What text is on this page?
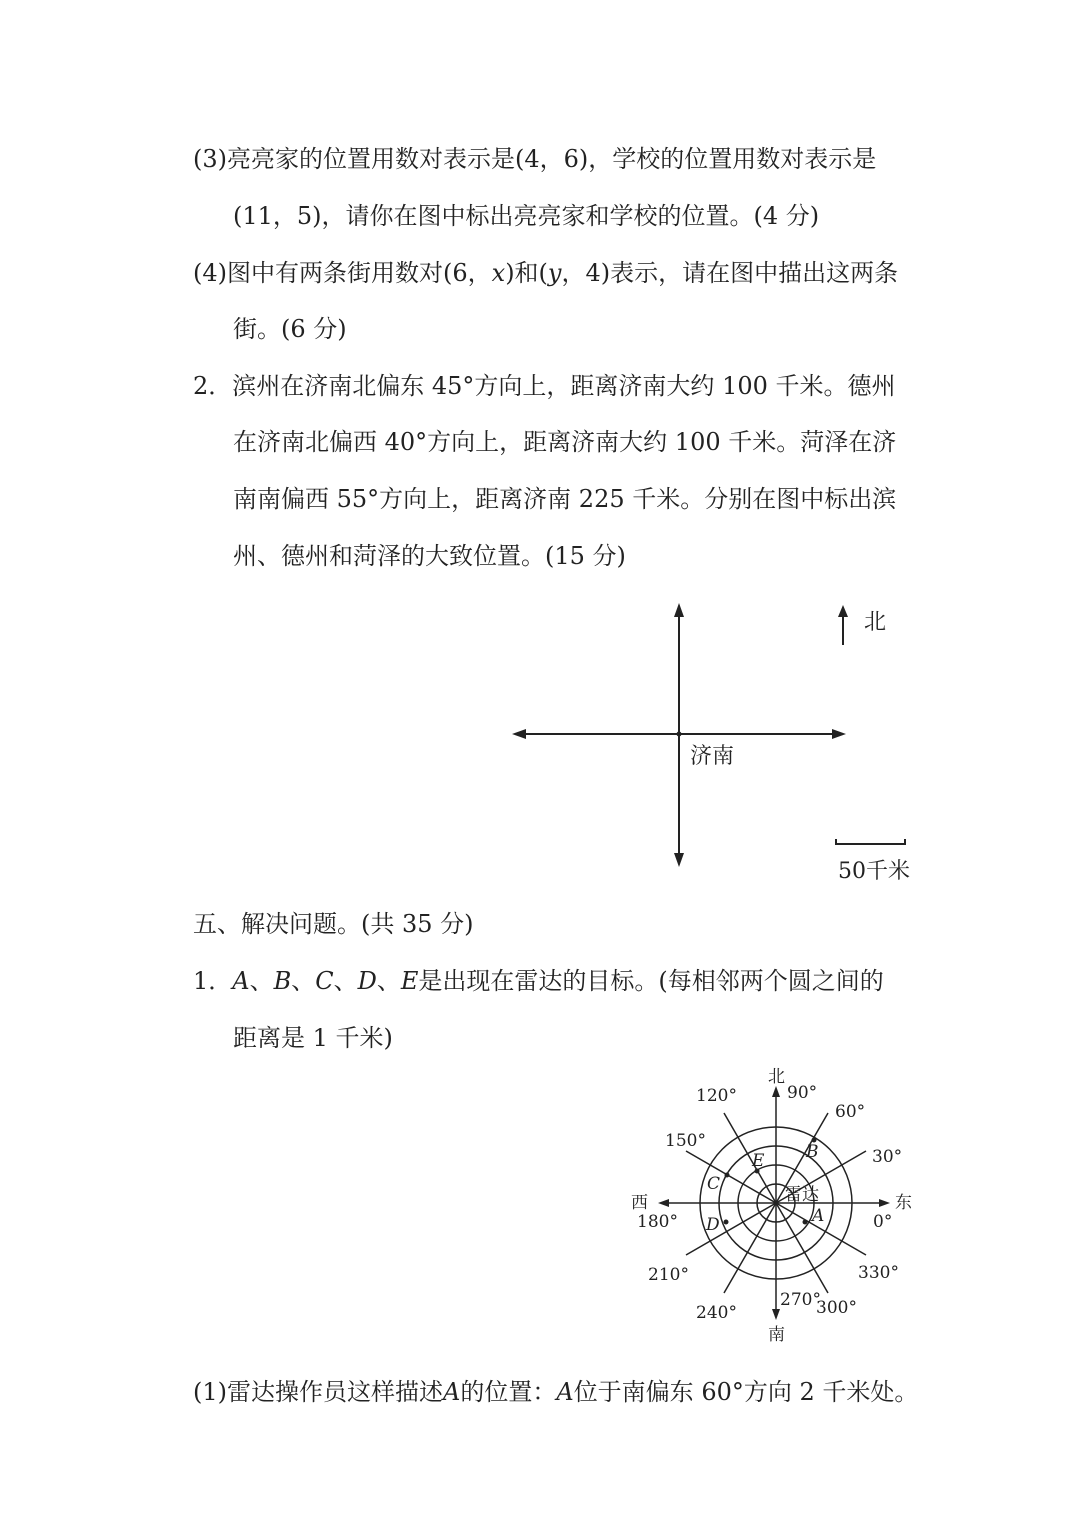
(3)亮亮家的位置用数对表示是(4，6)，学校的位置用数对表示是
(11，5)，请你在图中标出亮亮家和学校的位置。(4 分)
(4)图中有两条街用数对(6，x)和(y，4)表示，请在图中描出这两条
街。(6 分)
2．滨州在济南北偏东 45°方向上，距离济南大约 100 千米。德州
在济南北偏西 40°方向上，距离济南大约 100 千米。菏泽在济
南南偏西 55°方向上，距离济南 225 千米。分别在图中标出滨
州、德州和菏泽的大致位置。(15 分)
北
济南
50千米
五、解决问题。(共 35 分)
1．A、B、C、D、E是出现在雷达的目标。(每相邻两个圆之间的
距离是 1 千米)
北
南
东
西	雷达
0°
30°
60°
90°
120°
150°
180°
210°
240°
270°
300°
330°
A
B
C
D
E
(1)雷达操作员这样描述A的位置：A位于南偏东 60°方向 2 千米处。
